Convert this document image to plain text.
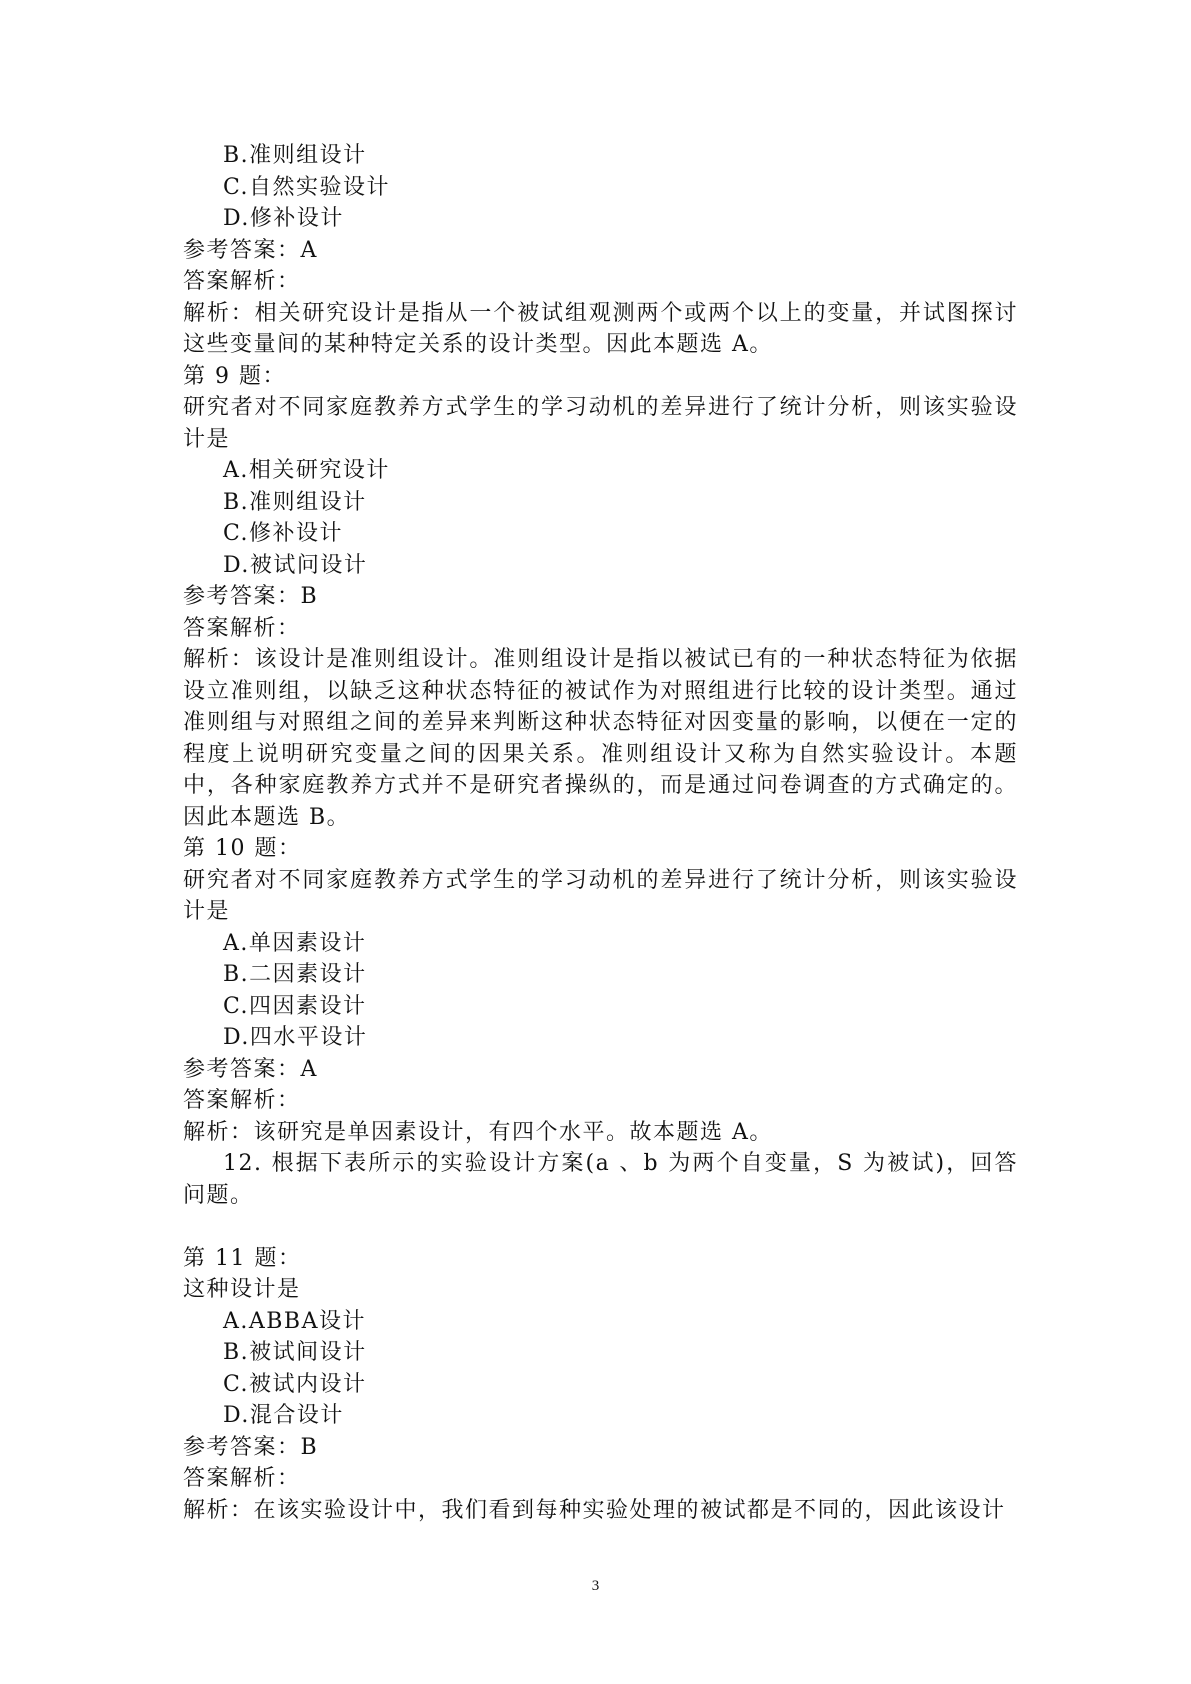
B.准则组设计
C.自然实验设计
D.修补设计
参考答案：A
答案解析：
解析：相关研究设计是指从一个被试组观测两个或两个以上的变量，并试图探讨这些变量间的某种特定关系的设计类型。因此本题选 A。
第 9 题：
研究者对不同家庭教养方式学生的学习动机的差异进行了统计分析，则该实验设计是
A.相关研究设计
B.准则组设计
C.修补设计
D.被试问设计
参考答案：B
答案解析：
解析：该设计是准则组设计。准则组设计是指以被试已有的一种状态特征为依据设立准则组，以缺乏这种状态特征的被试作为对照组进行比较的设计类型。通过准则组与对照组之间的差异来判断这种状态特征对因变量的影响，以便在一定的程度上说明研究变量之间的因果关系。准则组设计又称为自然实验设计。本题中，各种家庭教养方式并不是研究者操纵的，而是通过问卷调查的方式确定的。因此本题选 B。
第 10 题：
研究者对不同家庭教养方式学生的学习动机的差异进行了统计分析，则该实验设计是
A.单因素设计
B.二因素设计
C.四因素设计
D.四水平设计
参考答案：A
答案解析：
解析：该研究是单因素设计，有四个水平。故本题选 A。
12. 根据下表所示的实验设计方案(a 、b 为两个自变量，S 为被试)，回答问题。
第 11 题：
这种设计是
A.ABBA设计
B.被试间设计
C.被试内设计
D.混合设计
参考答案：B
答案解析：
解析：在该实验设计中，我们看到每种实验处理的被试都是不同的，因此该设计
3
